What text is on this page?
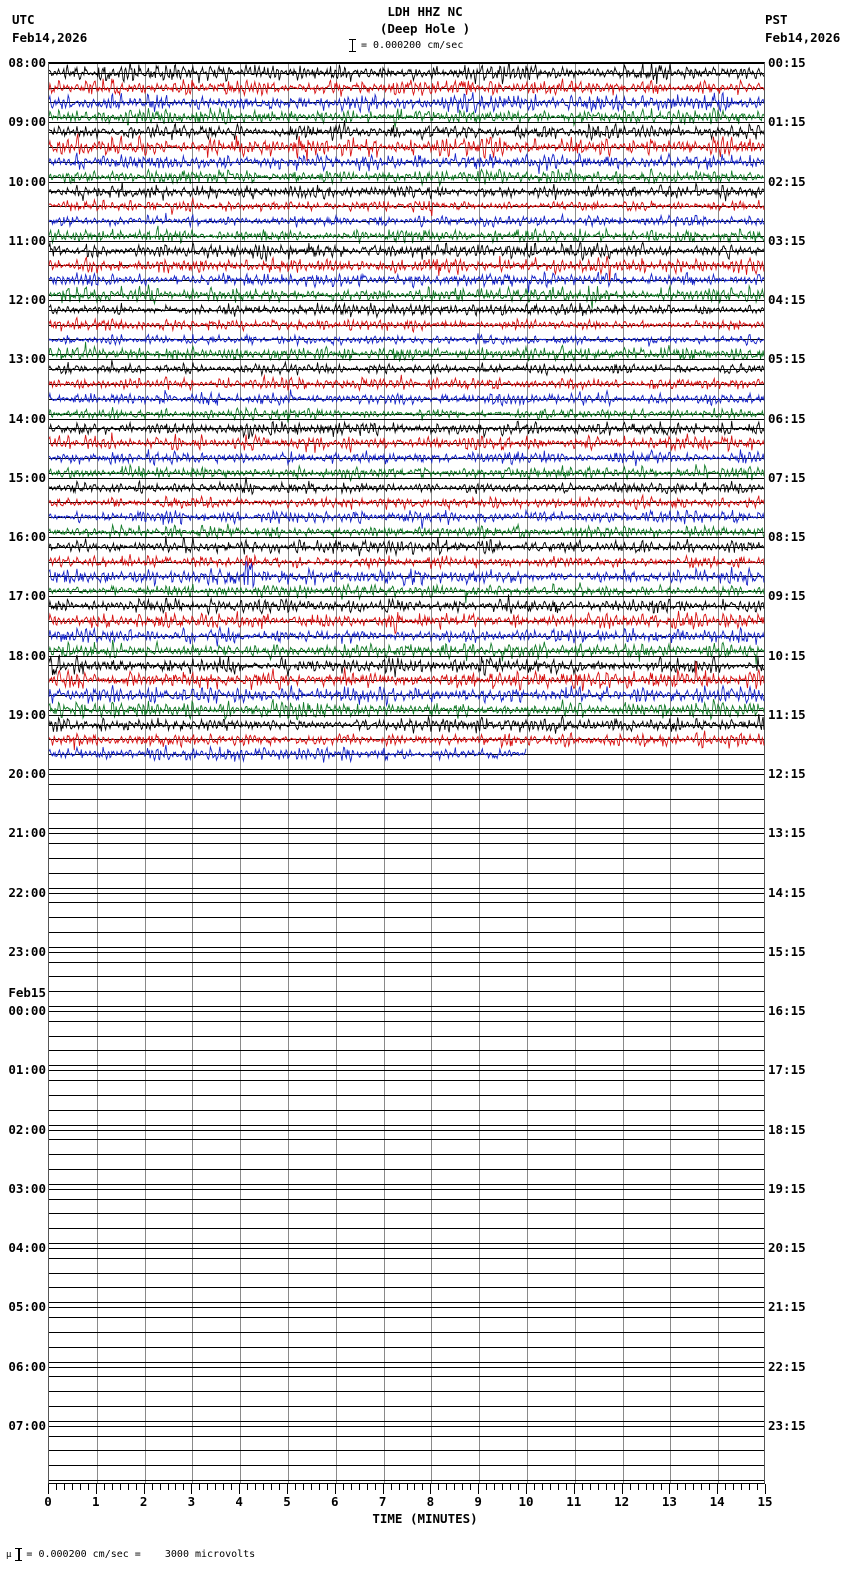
UTC
Feb14,2026
PST
Feb14,2026
LDH HHZ NC
(Deep Hole )
= 0.000200 cm/sec
08:00
09:00
10:00
11:00
12:00
13:00
14:00
15:00
16:00
17:00
18:00
19:00
20:00
21:00
22:00
23:00
00:00
01:00
02:00
03:00
04:00
05:00
06:00
07:00
Feb15
00:15
01:15
02:15
03:15
04:15
05:15
06:15
07:15
08:15
09:15
10:15
11:15
12:15
13:15
14:15
15:15
16:15
17:15
18:15
19:15
20:15
21:15
22:15
23:15
0	1	2	3	4	5	6	7	8	9	10	11	12	13	14	15
TIME (MINUTES)
μ = 0.000200 cm/sec =    3000 microvolts
